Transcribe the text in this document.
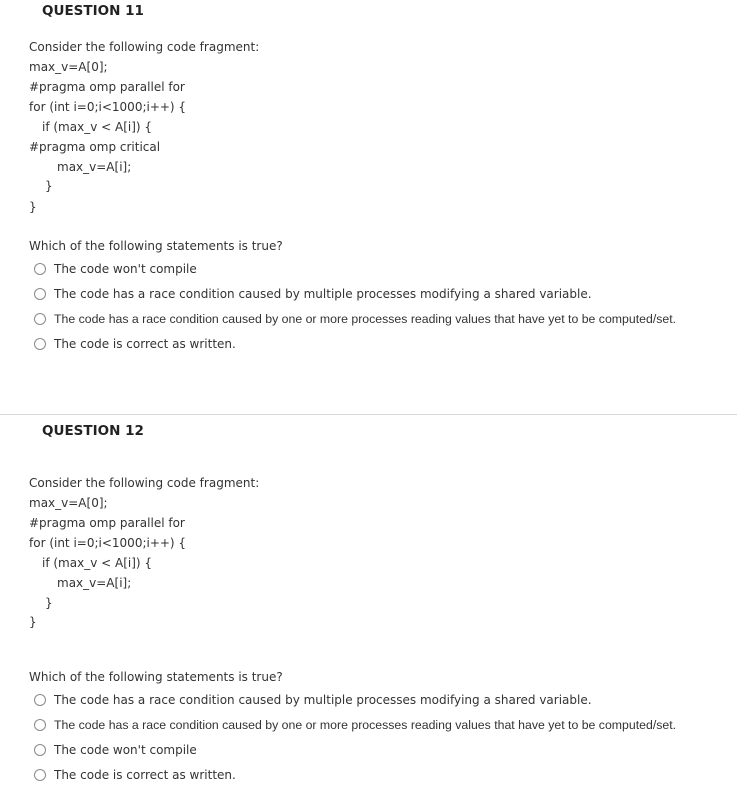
QUESTION 11
Consider the following code fragment:
max_v=A[0];
#pragma omp parallel for
for (int i=0;i<1000;i++) {
if (max_v < A[i]) {
#pragma omp critical
max_v=A[i];
}
}
Which of the following statements is true?
The code won't compile
The code has a race condition caused by multiple processes modifying a shared variable.
The code has a race condition caused by one or more processes reading values that have yet to be computed/set.
The code is correct as written.
QUESTION 12
Consider the following code fragment:
max_v=A[0];
#pragma omp parallel for
for (int i=0;i<1000;i++) {
if (max_v < A[i]) {
max_v=A[i];
}
}
Which of the following statements is true?
The code has a race condition caused by multiple processes modifying a shared variable.
The code has a race condition caused by one or more processes reading values that have yet to be computed/set.
The code won't compile
The code is correct as written.
